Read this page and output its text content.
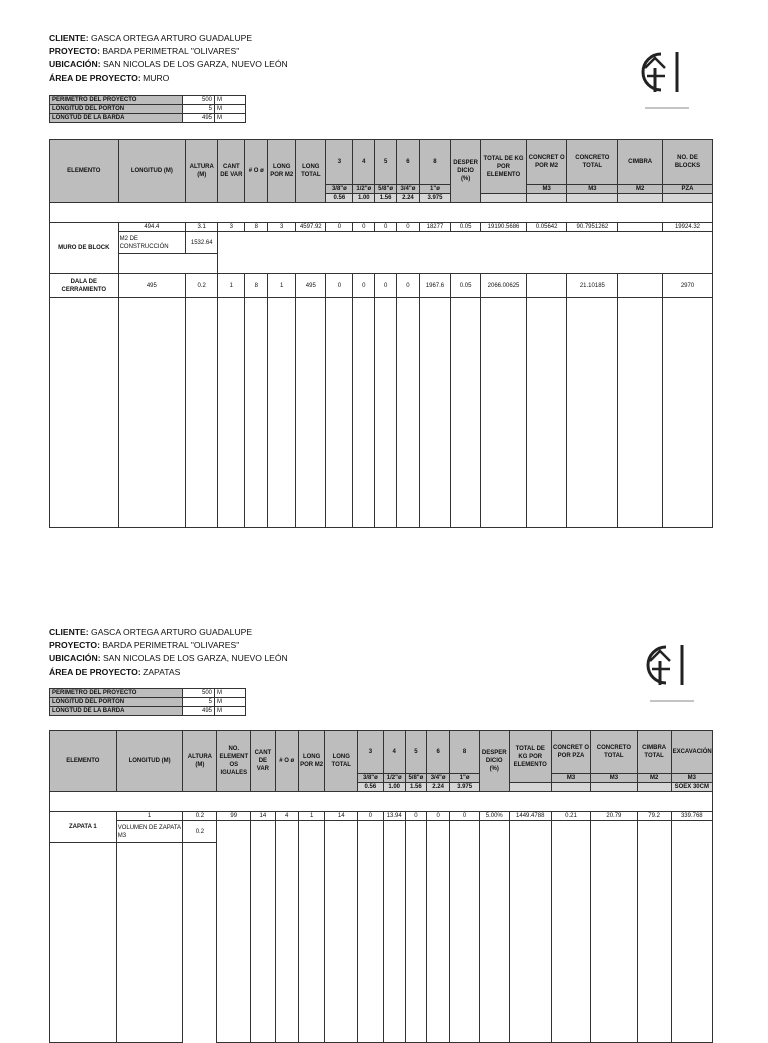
CLIENTE: GASCA ORTEGA ARTURO GUADALUPE
PROYECTO: BARDA PERIMETRAL "OLIVARES"
UBICACIÓN: SAN NICOLAS DE LOS GARZA, NUEVO LEÓN
ÁREA DE PROYECTO: MURO
PERIMETRO DEL PROYECTO	500	M
LONGITUD DEL PORTON	5	M
LONGTUD DE LA BARDA	495	M
ELEMENTO	LONGITUD (M)	ALTURA (M)	CANT DE VAR	# O ø	LONG POR M2	LONG TOTAL	3	4	5	6	8	DESPER DICIO (%)	TOTAL DE KG POR ELEMENTO	CONCRET O POR M2	CONCRETO TOTAL	CIMBRA	NO. DE BLOCKS
							3/8"ø	1/2"ø	5/8"ø	3/4"ø	1"ø			M3	M3	M2	PZA
							0.56	1.00	1.56	2.24	3.975						

MURO DE BLOCK	494.4	3.1	3	8	3	4597.92	0	0	0	0	18277	0.05	19190.5686	0.05642	90.7951262		19924.32
	M2 DE CONSTRUCCIÓN	1532.64															

DALA DE CERRAMIENTO	495	0.2	1	8	1	495	0	0	0	0	1967.6	0.05	2066.00625		21.10185		2970

CLIENTE: GASCA ORTEGA ARTURO GUADALUPE
PROYECTO: BARDA PERIMETRAL "OLIVARES"
UBICACIÓN: SAN NICOLAS DE LOS GARZA, NUEVO LEÓN
ÁREA DE PROYECTO: ZAPATAS
PERIMETRO DEL PROYECTO	500	M
LONGITUD DEL PORTON	5	M
LONGTUD DE LA BARDA	495	M
ELEMENTO	LONGITUD (M)	ALTURA (M)	NO. ELEMENT OS IGUALES	CANT DE VAR	# O ø	LONG POR M2	LONG TOTAL	3	4	5	6	8	DESPER DICIO (%)	TOTAL DE KG POR ELEMENTO	CONCRET O POR PZA	CONCRETO TOTAL	CIMBRA TOTAL	EXCAVACIÓN
								3/8"ø	1/2"ø	5/8"ø	3/4"ø	1"ø			M3	M3	M2	M3
								0.56	1.00	1.56	2.24	3.975						SOEX 30CM

ZAPATA 1	1	0.2	99	14	4	1	14	0	13.94	0	0	0	5.00%	1449.4788	0.21	20.79	79.2	339.768
	VOLUMEN DE ZAPATA M3	0.2																
